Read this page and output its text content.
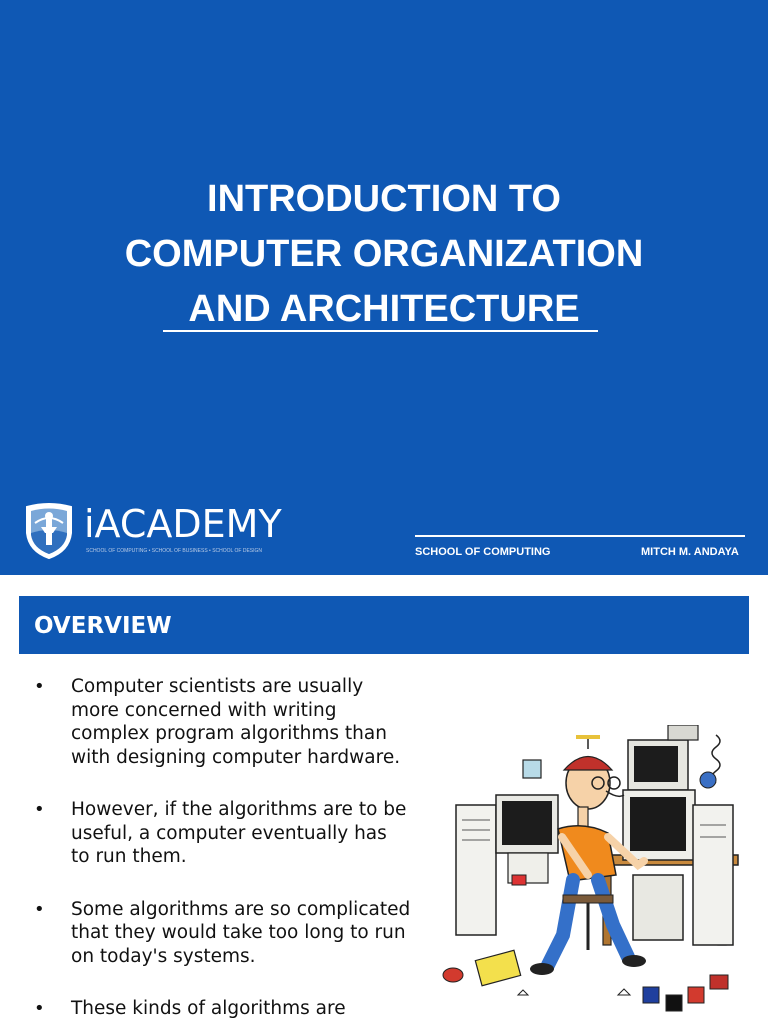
INTRODUCTION TO
COMPUTER ORGANIZATION
AND ARCHITECTURE
iACADEMY
SCHOOL OF COMPUTING • SCHOOL OF BUSINESS • SCHOOL OF DESIGN	SCHOOL OF COMPUTING	MITCH M. ANDAYA
OVERVIEW
• Computer scientists are usually
more concerned with writing
complex program algorithms than
with designing computer hardware.
• However, if the algorithms are to be
useful, a computer eventually has
to run them.
• Some algorithms are so complicated
that they would take too long to run
on today's systems.
• These kinds of algorithms are
